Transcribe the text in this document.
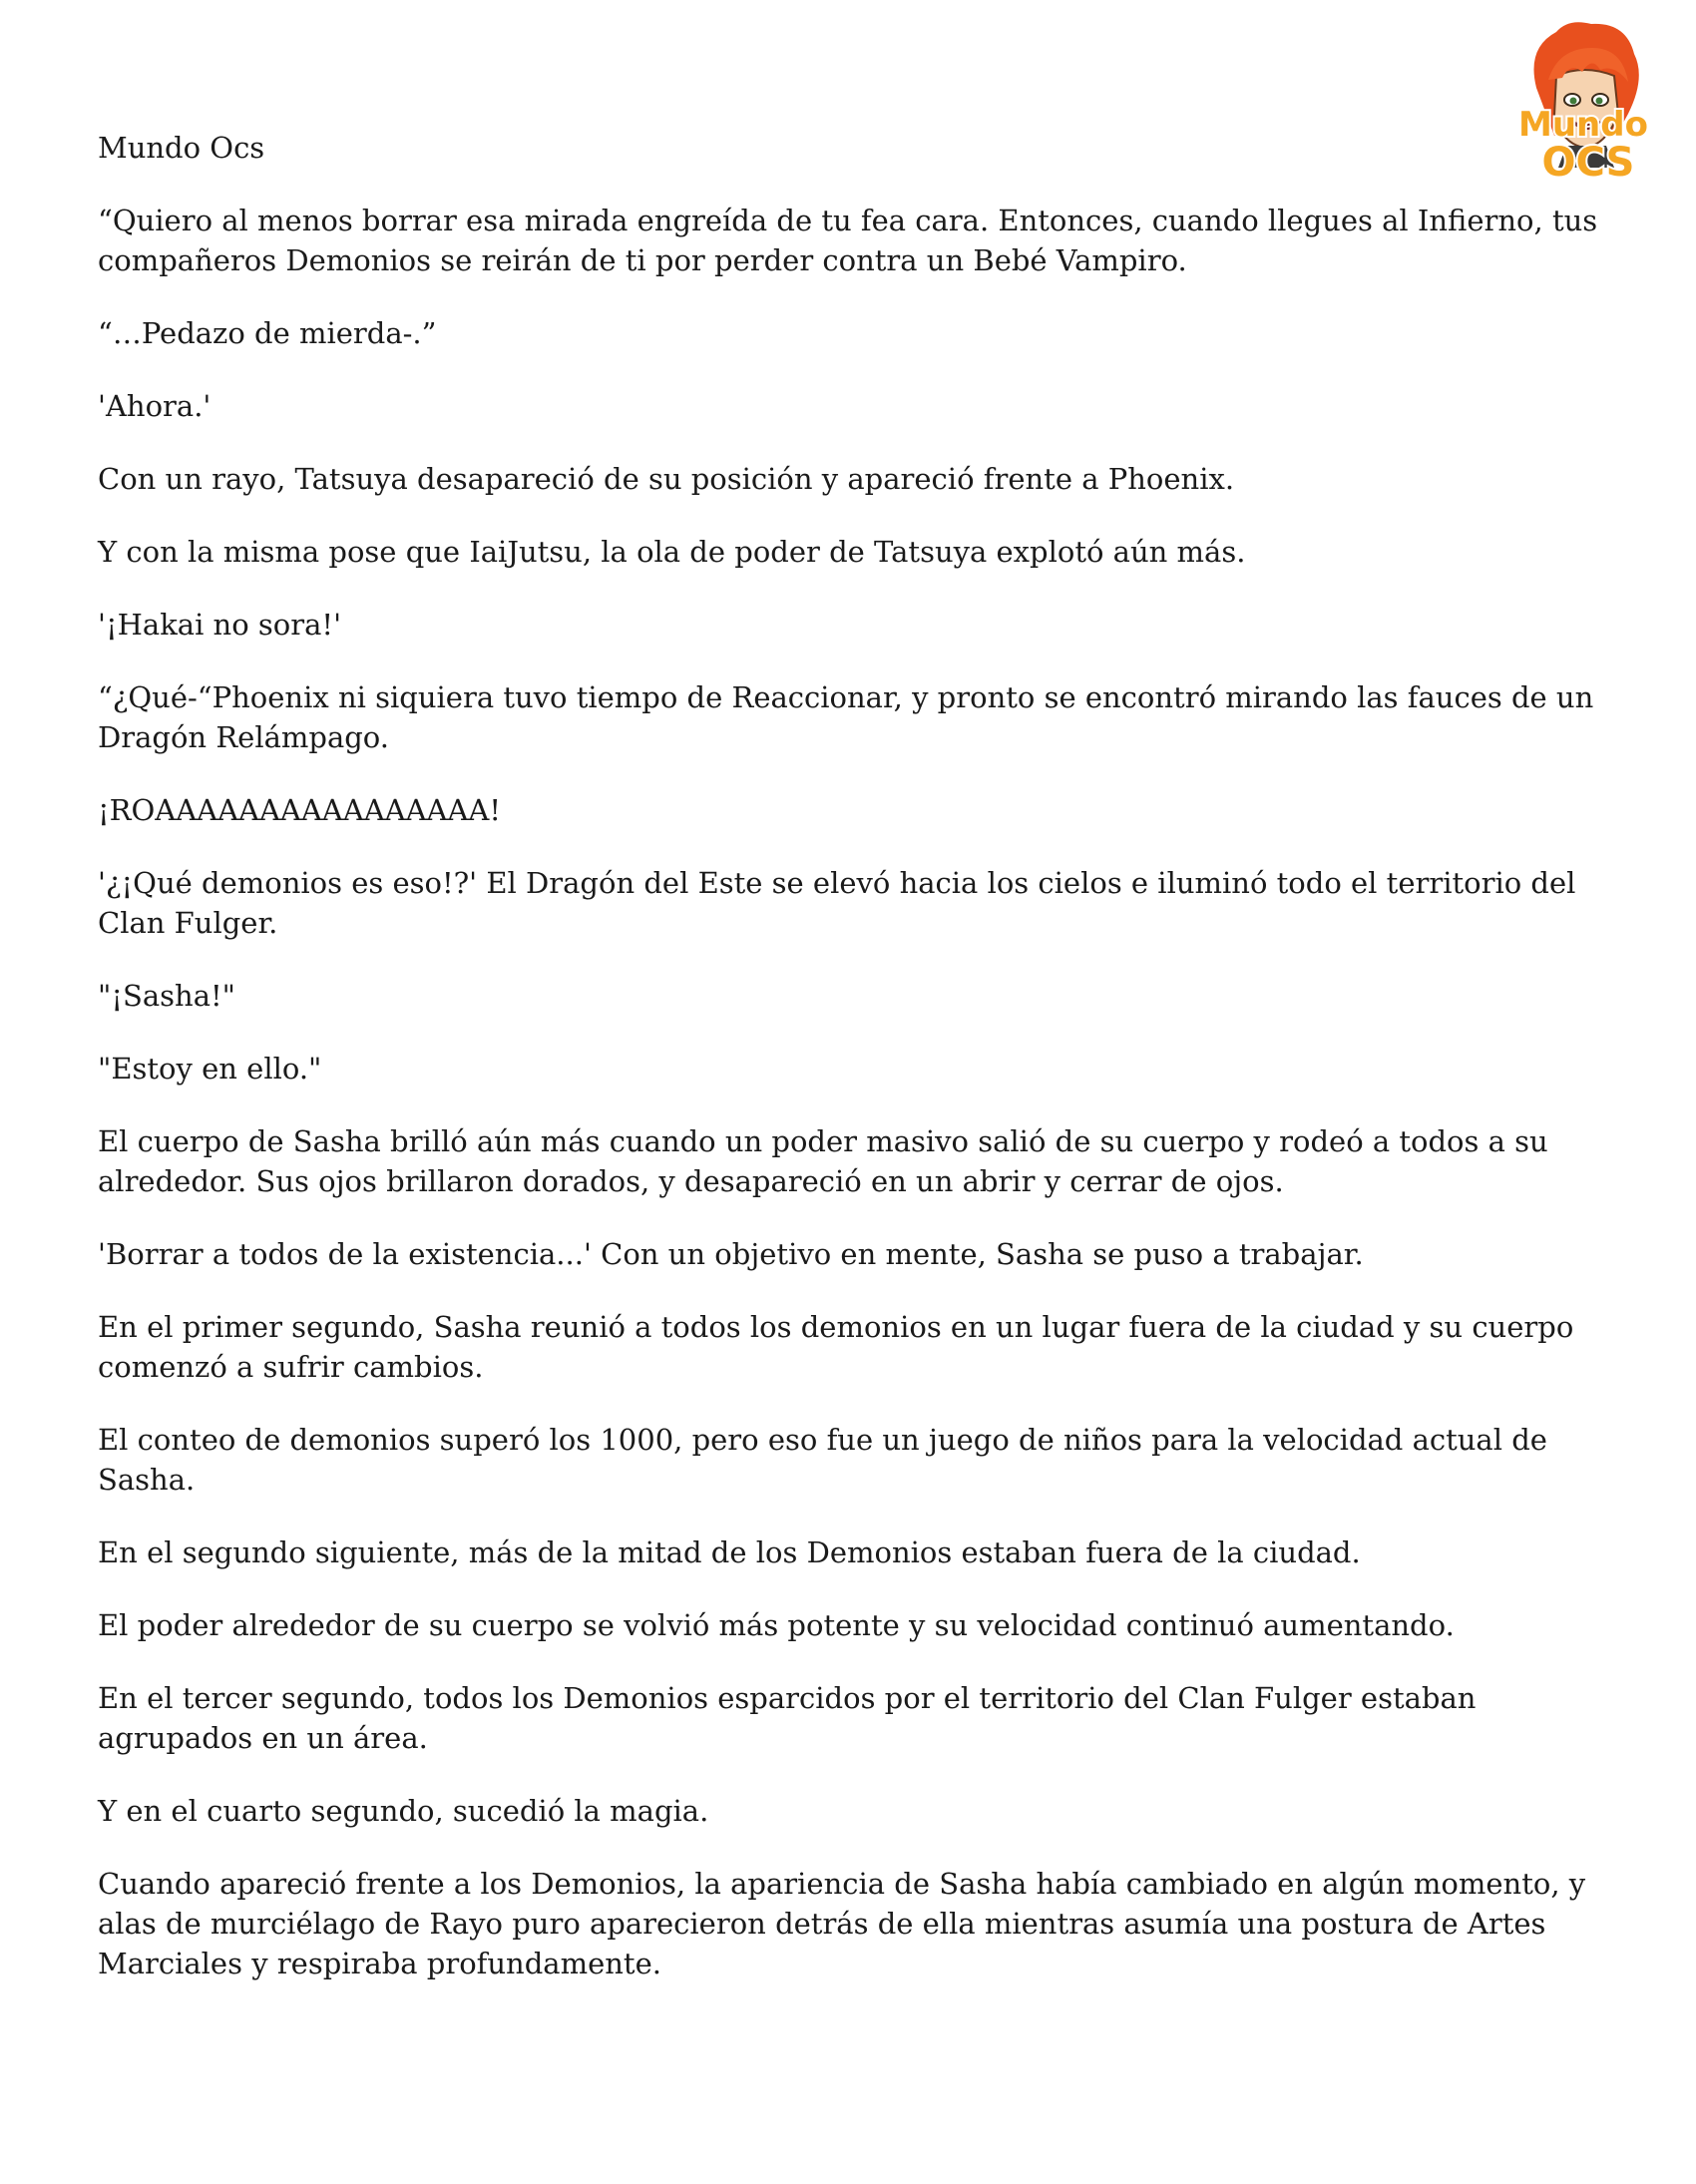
Mundo
OCS

Mundo Ocs

“Quiero al menos borrar esa mirada engreída de tu fea cara. Entonces, cuando llegues al Infierno, tus compañeros Demonios se reirán de ti por perder contra un Bebé Vampiro.

“…Pedazo de mierda-.”

'Ahora.'

Con un rayo, Tatsuya desapareció de su posición y apareció frente a Phoenix.

Y con la misma pose que IaiJutsu, la ola de poder de Tatsuya explotó aún más.

'¡Hakai no sora!'

“¿Qué-“Phoenix ni siquiera tuvo tiempo de Reaccionar, y pronto se encontró mirando las fauces de un Dragón Relámpago.

¡ROAAAAAAAAAAAAAAAA!

'¿¡Qué demonios es eso!?' El Dragón del Este se elevó hacia los cielos e iluminó todo el territorio del Clan Fulger.

"¡Sasha!"

"Estoy en ello."

El cuerpo de Sasha brilló aún más cuando un poder masivo salió de su cuerpo y rodeó a todos a su alrededor. Sus ojos brillaron dorados, y desapareció en un abrir y cerrar de ojos.

'Borrar a todos de la existencia...' Con un objetivo en mente, Sasha se puso a trabajar.

En el primer segundo, Sasha reunió a todos los demonios en un lugar fuera de la ciudad y su cuerpo comenzó a sufrir cambios.

El conteo de demonios superó los 1000, pero eso fue un juego de niños para la velocidad actual de Sasha.

En el segundo siguiente, más de la mitad de los Demonios estaban fuera de la ciudad.

El poder alrededor de su cuerpo se volvió más potente y su velocidad continuó aumentando.

En el tercer segundo, todos los Demonios esparcidos por el territorio del Clan Fulger estaban agrupados en un área.

Y en el cuarto segundo, sucedió la magia.

Cuando apareció frente a los Demonios, la apariencia de Sasha había cambiado en algún momento, y alas de murciélago de Rayo puro aparecieron detrás de ella mientras asumía una postura de Artes Marciales y respiraba profundamente.
